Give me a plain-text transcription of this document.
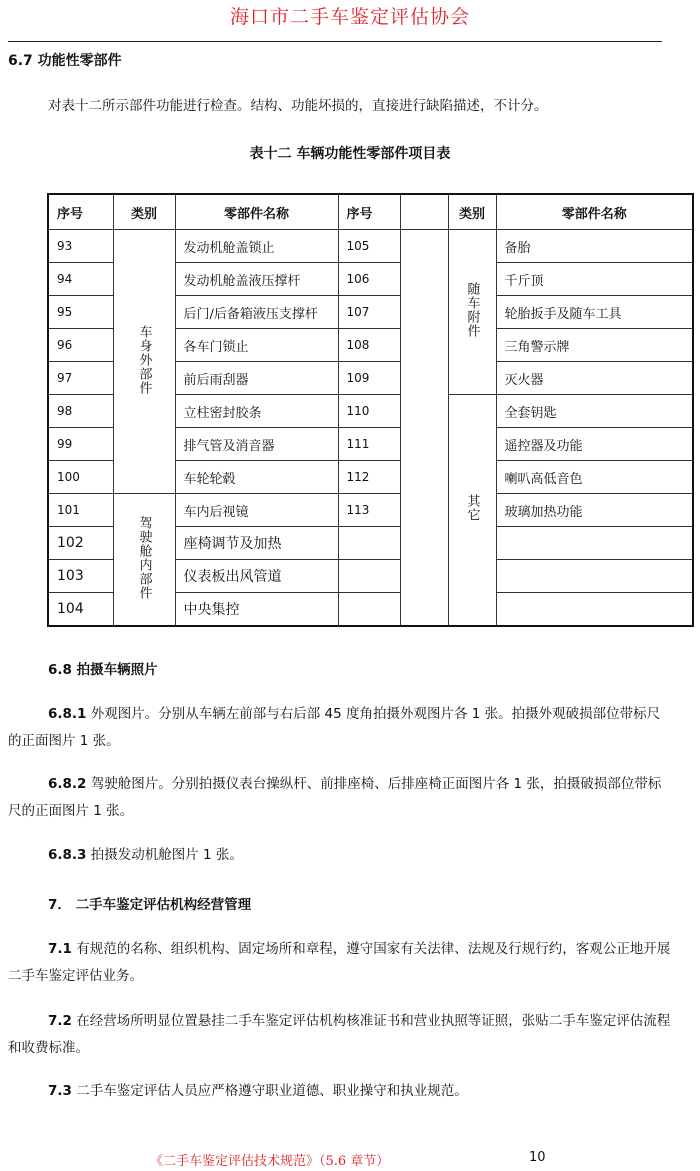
海口市二手车鉴定评估协会
6.7 功能性零部件
对表十二所示部件功能进行检查。结构、功能坏损的，直接进行缺陷描述，不计分。
表十二 车辆功能性零部件项目表
序号	类别	零部件名称	序号		类别	零部件名称
93	车身外部件	发动机舱盖锁止	105		随车附件	备胎
94		发动机舱盖液压撑杆	106			千斤顶
95		后门/后备箱液压支撑杆	107			轮胎扳手及随车工具
96		各车门锁止	108			三角警示牌
97		前后雨刮器	109			灭火器
98		立柱密封胶条	110		其它	全套钥匙
99		排气管及消音器	111			遥控器及功能
100		车轮轮毂	112			喇叭高低音色
101	驾驶舱内部件	车内后视镜	113			玻璃加热功能
102		座椅调节及加热				
103		仪表板出风管道				
104		中央集控				
6.8 拍摄车辆照片
6.8.1 外观图片。分别从车辆左前部与右后部 45 度角拍摄外观图片各 1 张。拍摄外观破损部位带标尺的正面图片 1 张。
6.8.2 驾驶舱图片。分别拍摄仪表台操纵杆、前排座椅、后排座椅正面图片各 1 张，拍摄破损部位带标尺的正面图片 1 张。
6.8.3 拍摄发动机舱图片 1 张。
7． 二手车鉴定评估机构经营管理
7.1 有规范的名称、组织机构、固定场所和章程，遵守国家有关法律、法规及行规行约，客观公正地开展二手车鉴定评估业务。
7.2 在经营场所明显位置悬挂二手车鉴定评估机构核准证书和营业执照等证照，张贴二手车鉴定评估流程和收费标准。
7.3 二手车鉴定评估人员应严格遵守职业道德、职业操守和执业规范。
《二手车鉴定评估技术规范》（5.6 章节）	10
